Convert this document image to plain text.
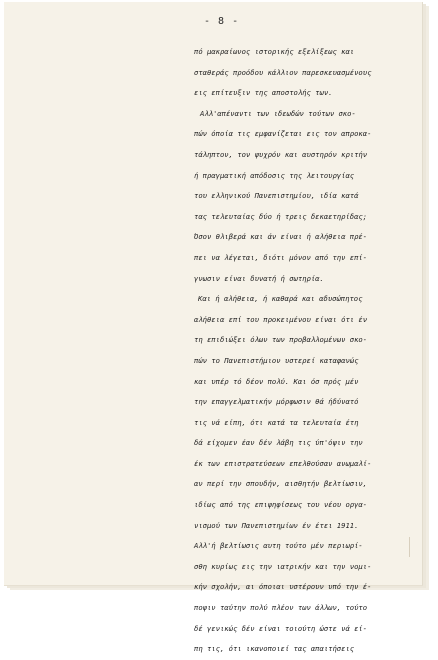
- 8 -
πό μακραίωνος ιστορικής εξελίξεως και
σταθεράς προόδου κάλλιον παρεσκευασμένους
εις επίτευξιν της αποστολής των.
Αλλ'απέναντι των ιδεωδών τούτων σκο-
πών όποία τις εμφανίζεται εις τον απροκα-
τάληπτον, τον ψυχρόν και αυστηρόν κριτήν
ή πραγματική απόδοσις της λειτουργίας
του ελληνικού Πανεπιστημίου, ιδία κατά
τας τελευταίας δύο ή τρεις δεκαετηρίδας;
Όσον θλιβερά και άν είναι ή αλήθεια πρέ-
πει να λέγεται, διότι μόνον από την επί-
γνωσιν είναι δυνατή ή σωτηρία.
Και ή αλήθεια, ή καθαρά και αδυσώπητος
αλήθεια επί του προκειμένου είναι ότι έν
τη επιδιώξει όλων των προβαλλομένων σκο-
πών το Πανεπιστήμιον υστερεί καταφανώς
και υπέρ τό δέον πολύ. Και όσ πρός μέν
την επαγγελματικήν μόρφωσιν θά ήδύνατό
τις νά είπη, ότι κατά τα τελευταία έτη
δά είχομεν έαν δέν λάβη τις ύπ'όψιν την
έκ των επιστρατεύσεων επελθούσαν ανωμαλί-
αν περί την σπουδήν, αισθητήν βελτίωσιν,
ιδίως από της επιψηφίσεως του νέου οργα-
νισμού των Πανεπιστημίων έν έτει 1911.
Αλλ'ή βελτίωσις αυτη τούτο μέν περιωρί-
σθη κυρίως εις την ιατρικήν και την νομι-
κήν σχολήν, αι όποιαι υστέρουν υπό την έ-
ποψιν ταύτην πολύ πλέον των άλλων, τούτο
δέ γενικώς δέν είναι τοιούτη ώστε νά εί-
πη τις, ότι ικανοποιεί τας απαιτήσεις
